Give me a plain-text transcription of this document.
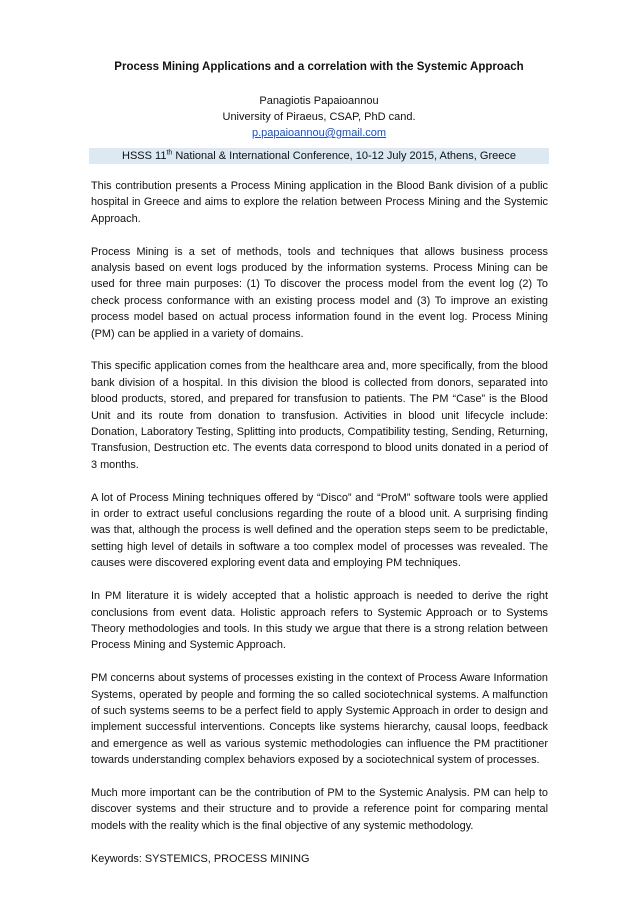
Process Mining Applications and a correlation with the Systemic Approach
Panagiotis Papaioannou
University of Piraeus, CSAP, PhD cand.
p.papaioannou@gmail.com
HSSS 11th National & International Conference, 10-12 July 2015, Athens, Greece

This contribution presents a Process Mining application in the Blood Bank division of a public hospital in Greece and aims to explore the relation between Process Mining and the Systemic Approach.

Process Mining is a set of methods, tools and techniques that allows business process analysis based on event logs produced by the information systems. Process Mining can be used for three main purposes: (1) To discover the process model from the event log (2) To check process conformance with an existing process model and (3) To improve an existing process model based on actual process information found in the event log. Process Mining (PM) can be applied in a variety of domains.

This specific application comes from the healthcare area and, more specifically, from the blood bank division of a hospital. In this division the blood is collected from donors, separated into blood products, stored, and prepared for transfusion to patients. The PM “Case” is the Blood Unit and its route from donation to transfusion. Activities in blood unit lifecycle include: Donation, Laboratory Testing, Splitting into products, Compatibility testing, Sending, Returning, Transfusion, Destruction etc. The events data correspond to blood units donated in a period of 3 months.

A lot of Process Mining techniques offered by “Disco” and “ProM” software tools were applied in order to extract useful conclusions regarding the route of a blood unit. A surprising finding was that, although the process is well defined and the operation steps seem to be predictable, setting high level of details in software a too complex model of processes was revealed. The causes were discovered exploring event data and employing PM techniques.

In PM literature it is widely accepted that a holistic approach is needed to derive the right conclusions from event data. Holistic approach refers to Systemic Approach or to Systems Theory methodologies and tools. In this study we argue that there is a strong relation between Process Mining and Systemic Approach.

PM concerns about systems of processes existing in the context of Process Aware Information Systems, operated by people and forming the so called sociotechnical systems. A malfunction of such systems seems to be a perfect field to apply Systemic Approach in order to design and implement successful interventions. Concepts like systems hierarchy, causal loops, feedback and emergence as well as various systemic methodologies can influence the PM practitioner towards understanding complex behaviors exposed by a sociotechnical system of processes.

Much more important can be the contribution of PM to the Systemic Analysis. PM can help to discover systems and their structure and to provide a reference point for comparing mental models with the reality which is the final objective of any systemic methodology.

Keywords: SYSTEMICS, PROCESS MINING
